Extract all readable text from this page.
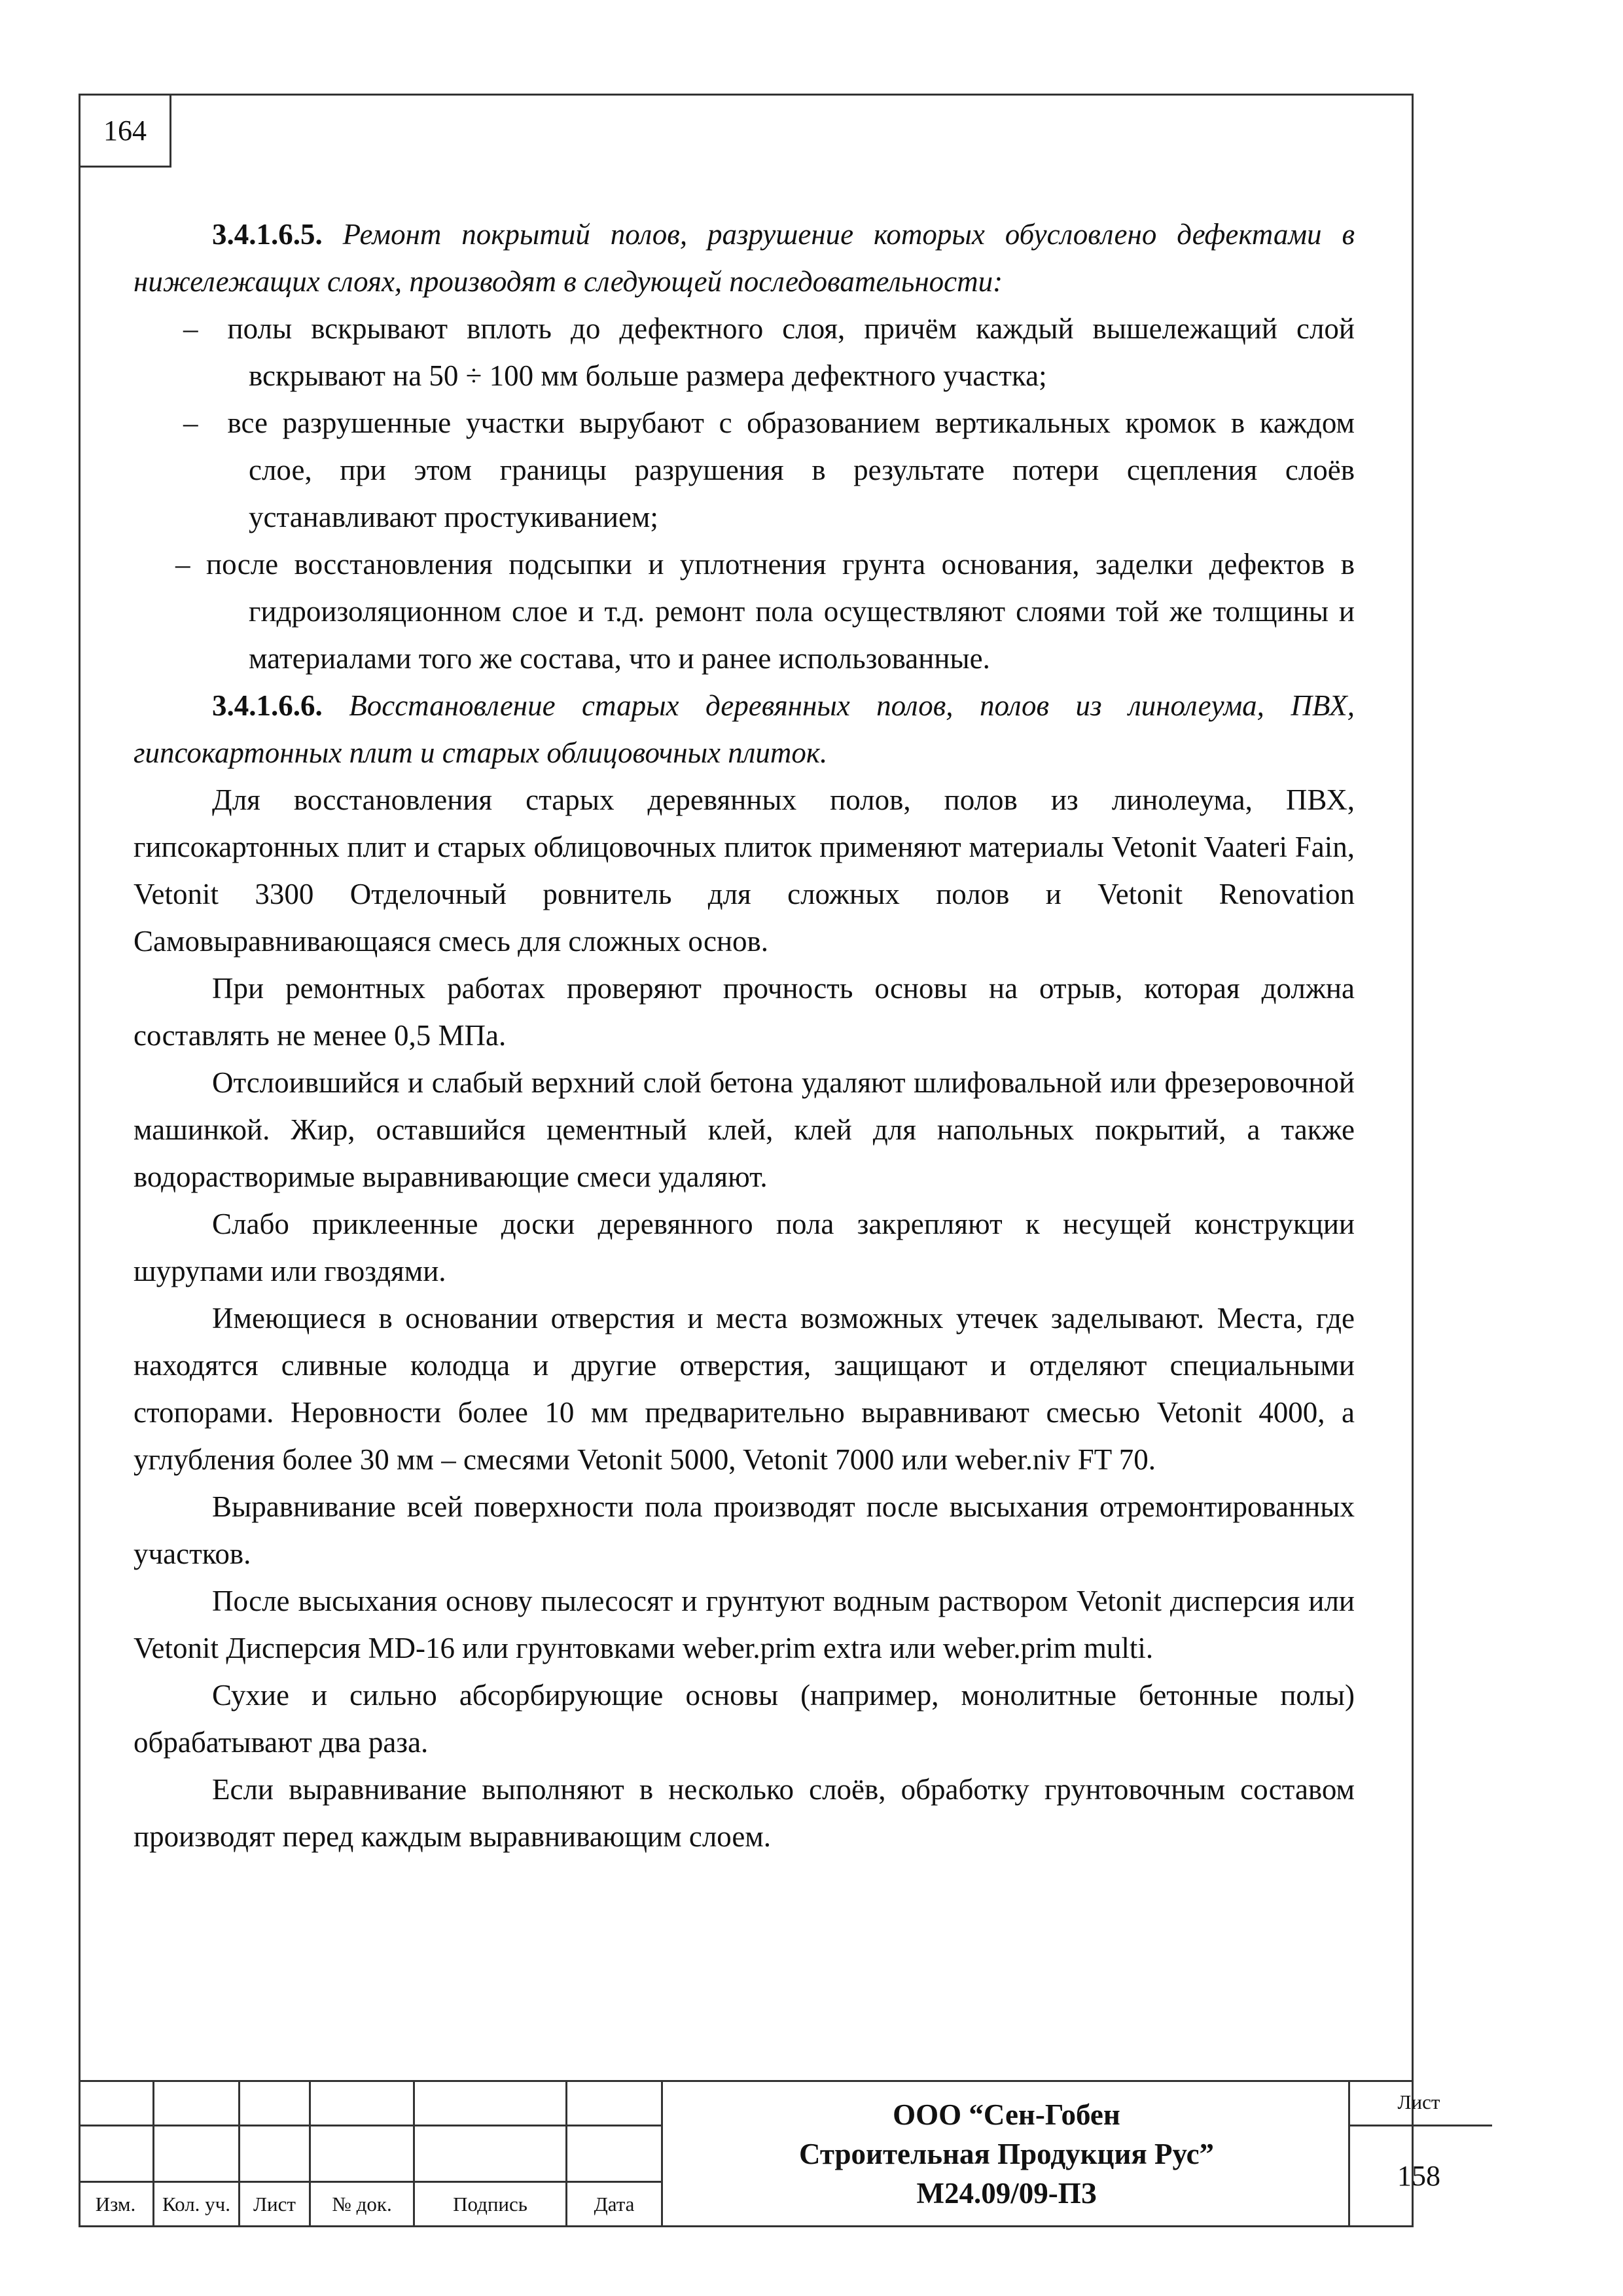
164

3.4.1.6.5. Ремонт покрытий полов, разрушение которых обусловлено дефектами в нижележащих слоях, производят в следующей последовательности:

– полы вскрывают вплоть до дефектного слоя, причём каждый вышележащий слой вскрывают на 50 ÷ 100 мм больше размера дефектного участка;

– все разрушенные участки вырубают с образованием вертикальных кромок в каждом слое, при этом границы разрушения в результате потери сцепления слоёв устанавливают простукиванием;

– после восстановления подсыпки и уплотнения грунта основания, заделки дефектов в гидроизоляционном слое и т.д. ремонт пола осуществляют слоями той же толщины и материалами того же состава, что и ранее использованные.

3.4.1.6.6. Восстановление старых деревянных полов, полов из линолеума, ПВХ, гипсокартонных плит и старых облицовочных плиток.

Для восстановления старых деревянных полов, полов из линолеума, ПВХ, гипсокартонных плит и старых облицовочных плиток применяют материалы Vetonit Vaateri Fain, Vetonit 3300 Отделочный ровнитель для сложных полов и Vetonit Renovation Самовыравнивающаяся смесь для сложных основ.

При ремонтных работах проверяют прочность основы на отрыв, которая должна составлять не менее 0,5 МПа.

Отслоившийся и слабый верхний слой бетона удаляют шлифовальной или фрезеровочной машинкой. Жир, оставшийся цементный клей, клей для напольных покрытий, а также водорастворимые выравнивающие смеси удаляют.

Слабо приклеенные доски деревянного пола закрепляют к несущей конструкции шурупами или гвоздями.

Имеющиеся в основании отверстия и места возможных утечек заделывают. Места, где находятся сливные колодца и другие отверстия, защищают и отделяют специальными стопорами. Неровности более 10 мм предварительно выравнивают смесью Vetonit 4000, а углубления более 30 мм – смесями Vetonit 5000, Vetonit 7000 или weber.niv FT 70.

Выравнивание всей поверхности пола производят после высыхания отремонтированных участков.

После высыхания основу пылесосят и грунтуют водным раствором Vetonit дисперсия или Vetonit Дисперсия MD-16 или грунтовками weber.prim extra или weber.prim multi.

Сухие и сильно абсорбирующие основы (например, монолитные бетонные полы) обрабатывают два раза.

Если выравнивание выполняют в несколько слоёв, обработку грунтовочным составом производят перед каждым выравнивающим слоем.

Изм.	Кол. уч.	Лист	№ док.	Подпись	Дата
ООО “Сен-Гобен
Строительная Продукция Рус”
М24.09/09-ПЗ
Лист
158
